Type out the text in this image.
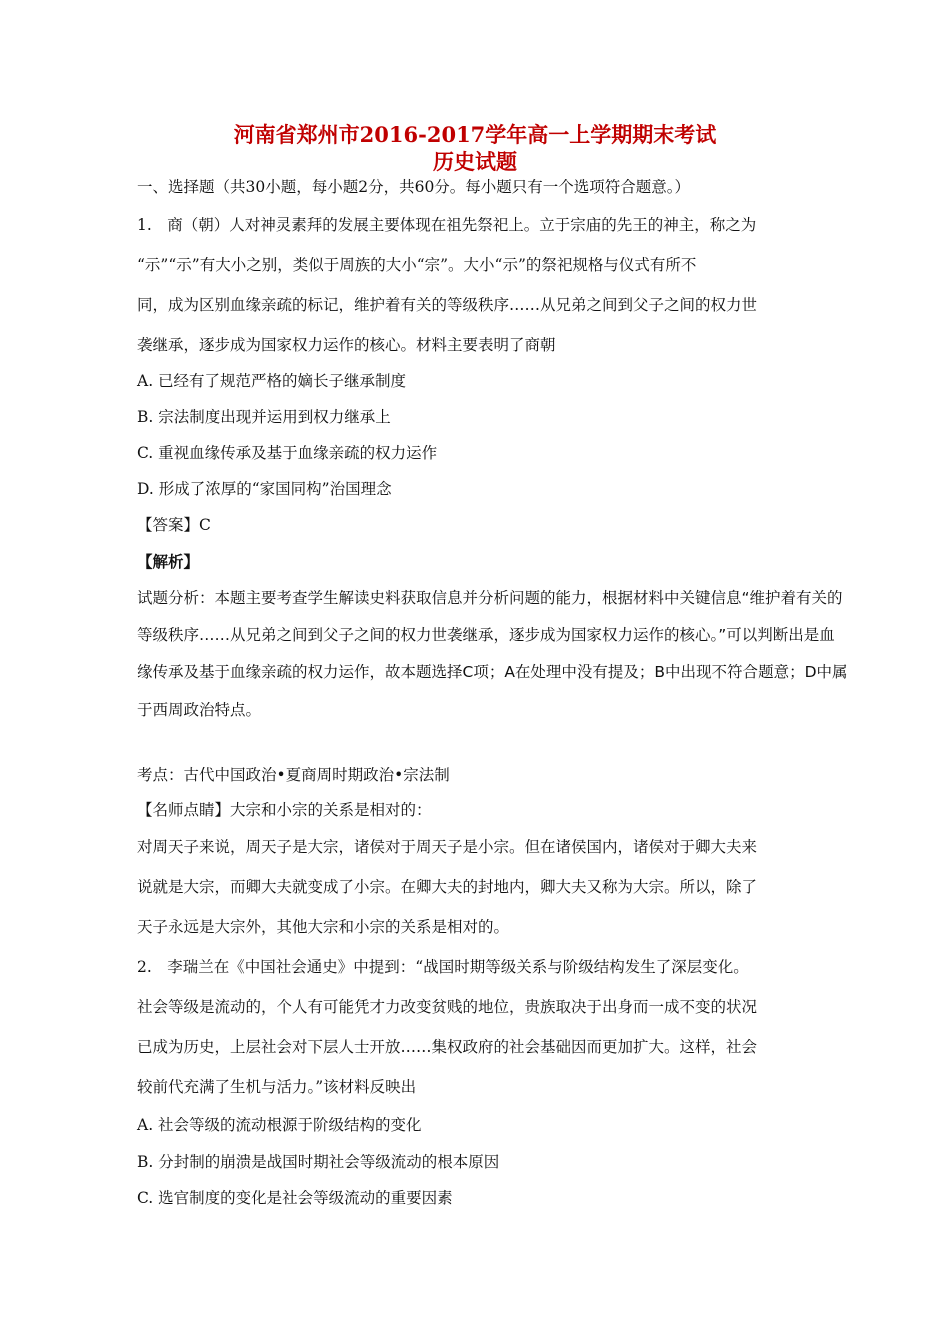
河南省郑州市2016-2017学年高一上学期期末考试
历史试题
一、选择题（共30小题，每小题2分，共60分。每小题只有一个选项符合题意。）
1.　商（朝）人对神灵素拜的发展主要体现在祖先祭祀上。立于宗庙的先王的神主，称之为
“示”“示”有大小之别，类似于周族的大小“宗”。大小“示”的祭祀规格与仪式有所不
同，成为区别血缘亲疏的标记，维护着有关的等级秩序……从兄弟之间到父子之间的权力世
袭继承，逐步成为国家权力运作的核心。材料主要表明了商朝
A. 已经有了规范严格的嫡长子继承制度
B. 宗法制度出现并运用到权力继承上
C. 重视血缘传承及基于血缘亲疏的权力运作
D. 形成了浓厚的“家国同构”治国理念
【答案】C
【解析】
试题分析：本题主要考查学生解读史料获取信息并分析问题的能力，根据材料中关键信息“维护着有关的
等级秩序……从兄弟之间到父子之间的权力世袭继承，逐步成为国家权力运作的核心。”可以判断出是血
缘传承及基于血缘亲疏的权力运作，故本题选择C项；A在处理中没有提及；B中出现不符合题意；D中属
于西周政治特点。
考点：古代中国政治•夏商周时期政治•宗法制
【名师点睛】大宗和小宗的关系是相对的：
对周天子来说，周天子是大宗，诸侯对于周天子是小宗。但在诸侯国内，诸侯对于卿大夫来
说就是大宗，而卿大夫就变成了小宗。在卿大夫的封地内，卿大夫又称为大宗。所以，除了
天子永远是大宗外，其他大宗和小宗的关系是相对的。
2.　李瑞兰在《中国社会通史》中提到：“战国时期等级关系与阶级结构发生了深层变化。
社会等级是流动的，个人有可能凭才力改变贫贱的地位，贵族取决于出身而一成不变的状况
已成为历史，上层社会对下层人士开放……集权政府的社会基础因而更加扩大。这样，社会
较前代充满了生机与活力。”该材料反映出
A. 社会等级的流动根源于阶级结构的变化
B. 分封制的崩溃是战国时期社会等级流动的根本原因
C. 选官制度的变化是社会等级流动的重要因素
